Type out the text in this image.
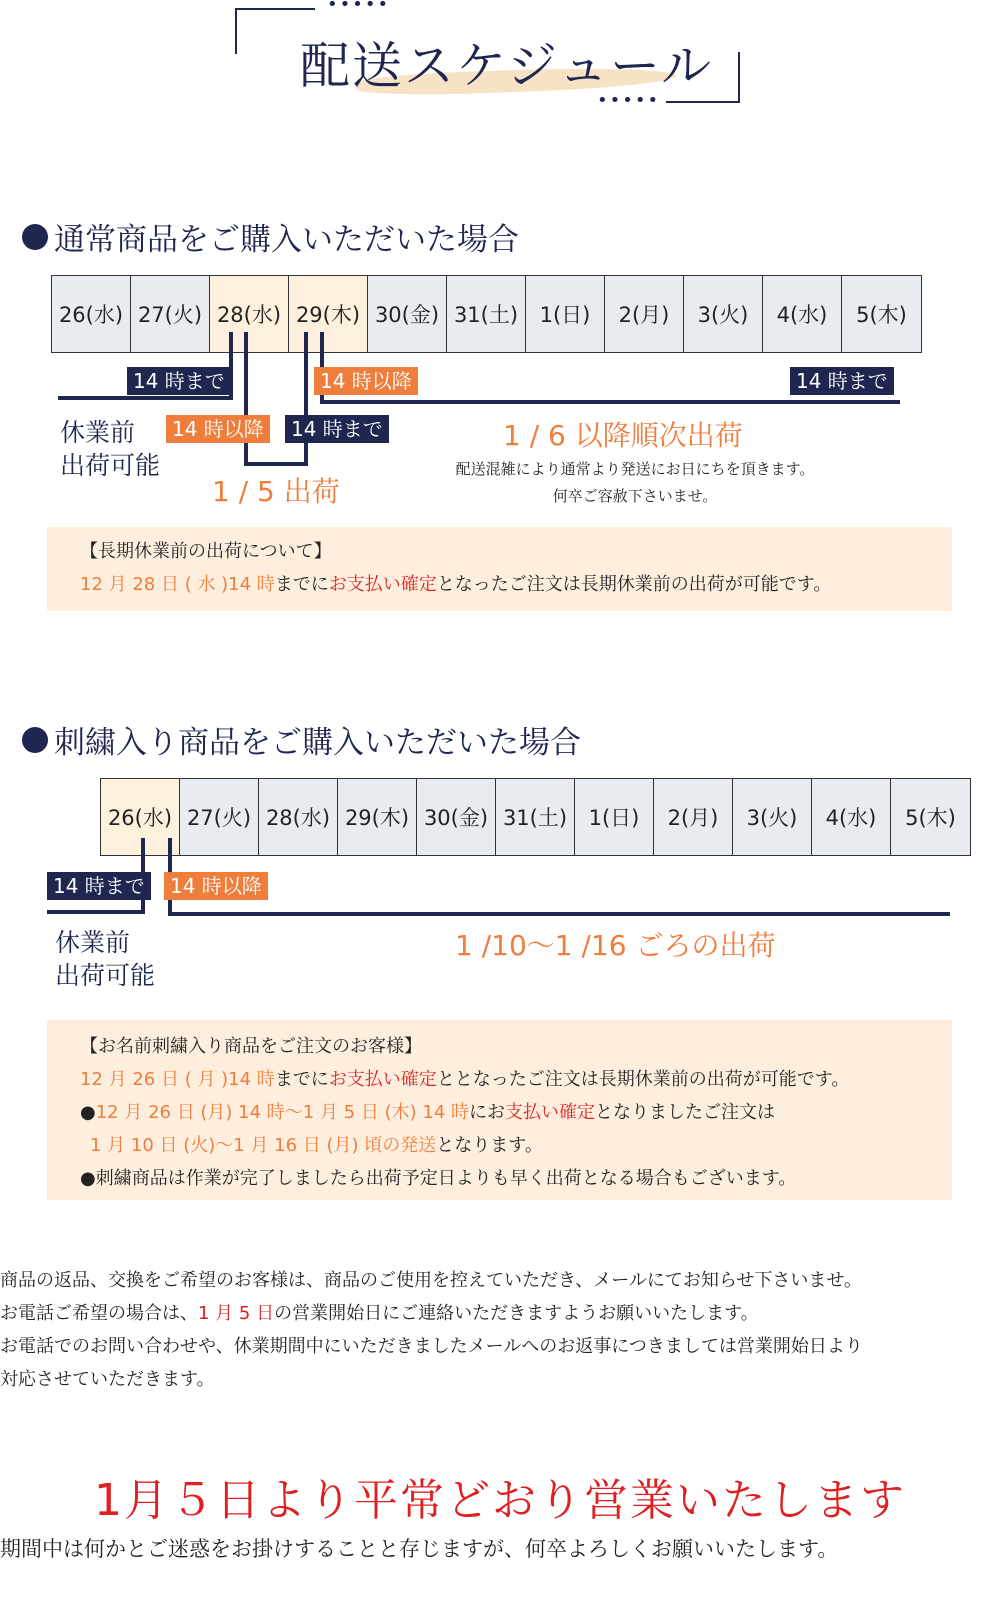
•••••
配送スケジュール
•••••
通常商品をご購入いただいた場合
26(水) 27(火) 28(水) 29(木) 30(金) 31(土)	1(日)	2(月)	3(火)	4(水)	5(木)
14 時まで	14 時以降	14 時まで
14 時以降	14 時まで
休業前
出荷可能
1 / 5 出荷
1 / 6 以降順次出荷
配送混雑により通常より発送にお日にちを頂きます。
何卒ご容赦下さいませ。

【長期休業前の出荷について】

12 月 28 日 ( 水 )14 時までにお支払い確定となったご注文は長期休業前の出荷が可能です。

刺繍入り商品をご購入いただいた場合
26(水) 27(火) 28(水) 29(木) 30(金) 31(土)	1(日)	2(月)	3(火)	4(水)	5(木)
14 時まで	14 時以降
休業前
出荷可能
1 /10〜1 /16 ごろの出荷

【お名前刺繍入り商品をご注文のお客様】

12 月 26 日 ( 月 )14 時までにお支払い確定ととなったご注文は長期休業前の出荷が可能です。

●12 月 26 日 (月) 14 時〜1 月 5 日 (木) 14 時にお支払い確定となりましたご注文は

1 月 10 日 (火)〜1 月 16 日 (月) 頃の発送となります。

●刺繍商品は作業が完了しましたら出荷予定日よりも早く出荷となる場合もございます。

商品の返品、交換をご希望のお客様は、商品のご使用を控えていただき、メールにてお知らせ下さいませ。

お電話ご希望の場合は、1 月 5 日の営業開始日にご連絡いただきますようお願いいたします。

お電話でのお問い合わせや、休業期間中にいただきましたメールへのお返事につきましては営業開始日より

対応させていただきます。

1月５日より平常どおり営業いたします
期間中は何かとご迷惑をお掛けすることと存じますが、何卒よろしくお願いいたします。
